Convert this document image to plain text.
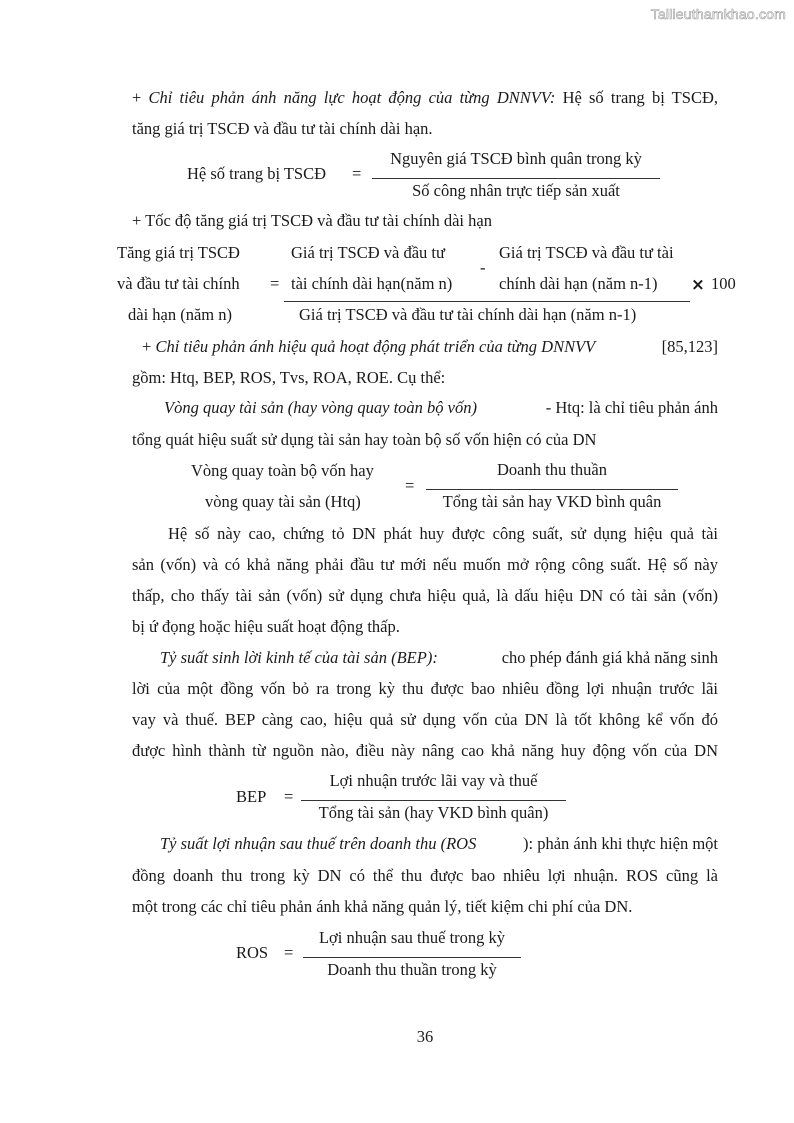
Tailieuthamkhao.com
+ Chỉ tiêu phản ánh năng lực hoạt động của từng DNNVV: Hệ số trang bị TSCĐ,
tăng giá trị TSCĐ và đầu tư tài chính dài hạn.
Hệ số trang bị TSCĐ =
Nguyên giá TSCĐ bình quân trong kỳ
Số công nhân trực tiếp sản xuất
+ Tốc độ tăng giá trị TSCĐ và đầu tư tài chính dài hạn
Tăng giá trị TSCĐ
và đầu tư tài chính
dài hạn (năm n)
=
Giá trị TSCĐ và đầu tư
tài chính dài hạn(năm n)
-
Giá trị TSCĐ và đầu tư tài
chính dài hạn (năm n-1)
Giá trị TSCĐ và đầu tư tài chính dài hạn (năm n-1)
× 100
+ Chỉ tiêu phản ánh hiệu quả hoạt động phát triển của từng DNNVV	[85,123]
gồm: Htq, BEP, ROS, Tvs, ROA, ROE. Cụ thể:
Vòng quay tài sản (hay vòng quay toàn bộ vốn)	- Htq: là chỉ tiêu phản ánh
tổng quát hiệu suất sử dụng tài sản hay toàn bộ số vốn hiện có của DN
Vòng quay toàn bộ vốn hay
vòng quay tài sản (Htq)
=
Doanh thu thuần
Tổng tài sản hay VKD bình quân
Hệ số này cao, chứng tỏ DN phát huy được công suất, sử dụng hiệu quả tài
sản (vốn) và có khả năng phải đầu tư mới nếu muốn mở rộng công suất. Hệ số này
thấp, cho thấy tài sản (vốn) sử dụng chưa hiệu quả, là dấu hiệu DN có tài sản (vốn)
bị ứ đọng hoặc hiệu suất hoạt động thấp.
Tỷ suất sinh lời kinh tế của tài sản (BEP):	cho phép đánh giá khả năng sinh
lời của một đồng vốn bỏ ra trong kỳ thu được bao nhiêu đồng lợi nhuận trước lãi
vay và thuế. BEP càng cao, hiệu quả sử dụng vốn của DN là tốt không kể vốn đó
được hình thành từ nguồn nào, điều này nâng cao khả năng huy động vốn của DN
BEP =
Lợi nhuận trước lãi vay và thuế
Tổng tài sản (hay VKD bình quân)
Tỷ suất lợi nhuận sau thuế trên doanh thu (ROS	): phản ánh khi thực hiện một
đồng doanh thu trong kỳ DN có thể thu được bao nhiêu lợi nhuận. ROS cũng là
một trong các chỉ tiêu phản ánh khả năng quản lý, tiết kiệm chi phí của DN.
ROS =
Lợi nhuận sau thuế trong kỳ
Doanh thu thuần trong kỳ
36
